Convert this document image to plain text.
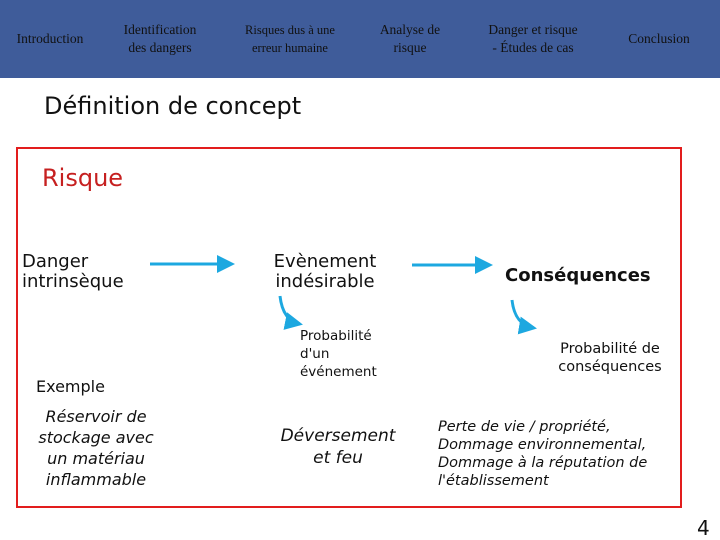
Introduction
Identification
des dangers
Risques dus à une
erreur humaine
Analyse de
risque
Danger et risque
- Études de cas
Conclusion
Définition de concept
Risque
Danger
intrinsèque
Evènement
indésirable	Conséquences
Probabilité
d'un
événement
Probabilité de
conséquences
Exemple
Réservoir de
stockage avec
un matériau
inflammable
Déversement
et feu
Perte de vie / propriété,
Dommage environnemental,
Dommage à la réputation de
l'établissement
4
